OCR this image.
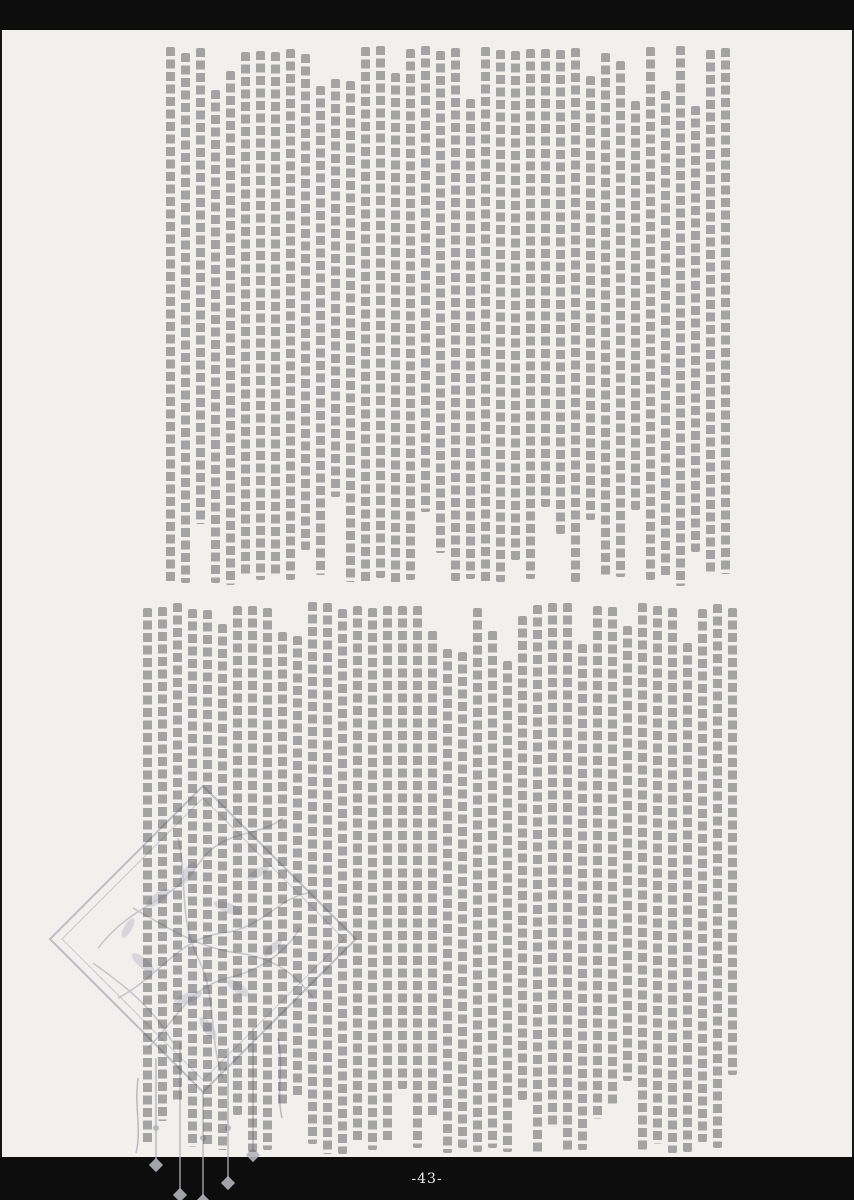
-43-
